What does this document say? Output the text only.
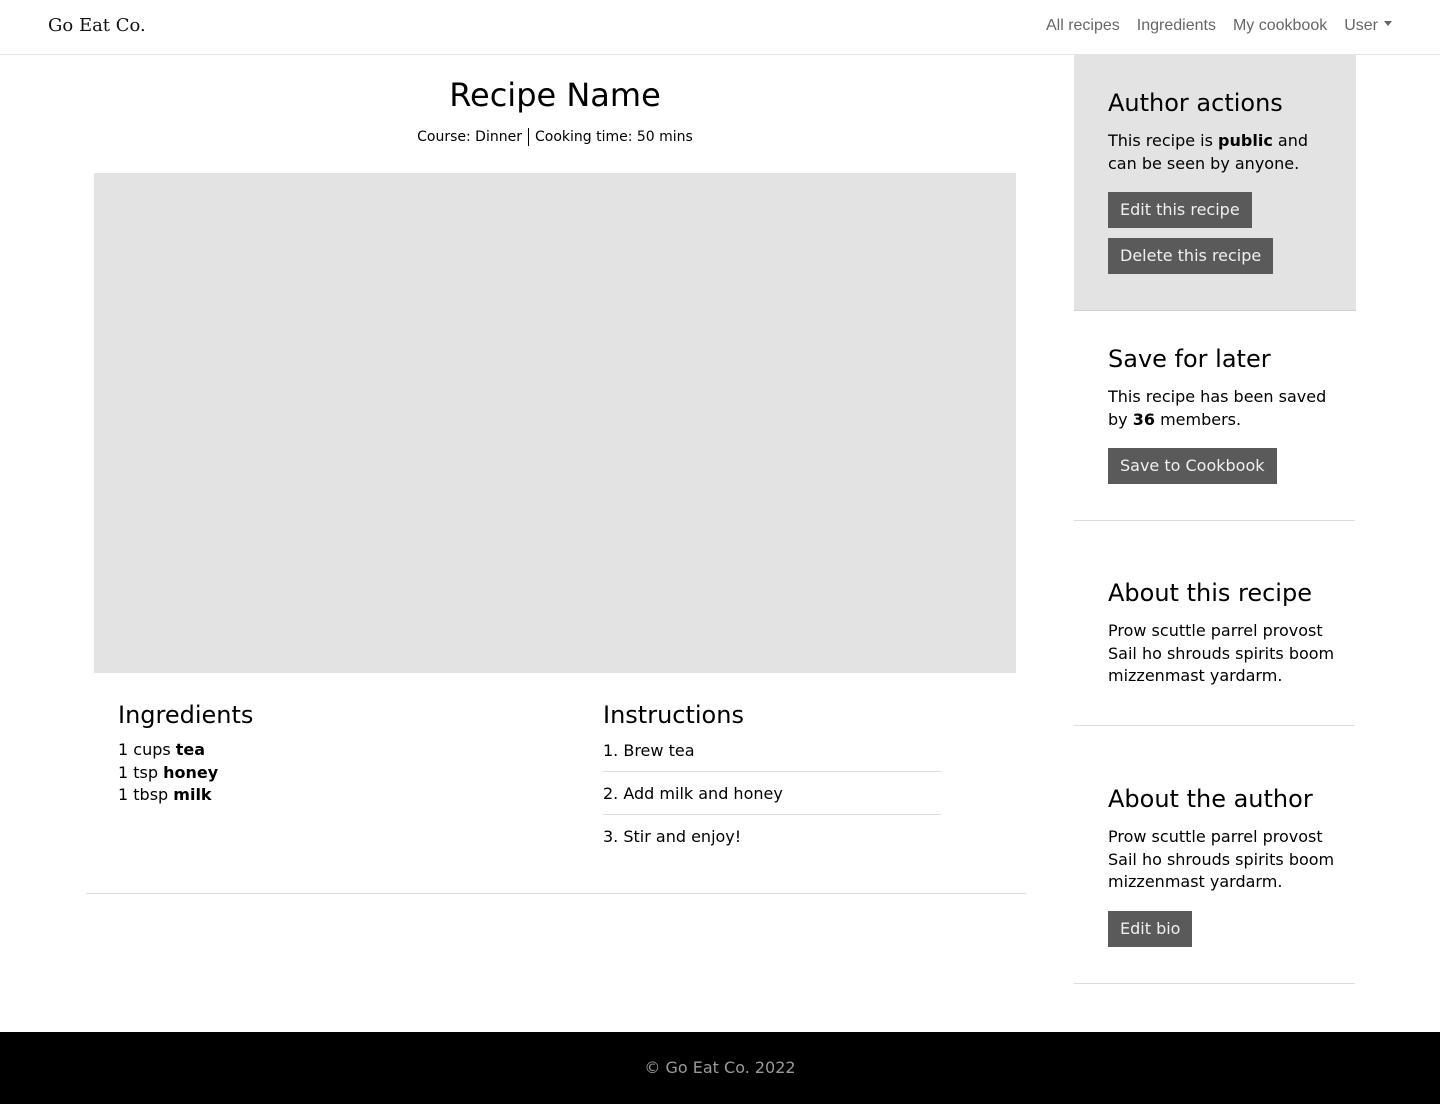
Go Eat Co.	All recipes Ingredients My cookbook User
Recipe Name
Course: Dinner Cooking time: 50 mins
Ingredients
1 cups tea
1 tsp honey
1 tbsp milk
Instructions
1. Brew tea
2. Add milk and honey
3. Stir and enjoy!
Author actions

This recipe is public and can be seen by anyone.

Edit this recipe
Delete this recipe
Save for later

This recipe has been saved by 36 members.

Save to Cookbook
About this recipe

Prow scuttle parrel provost Sail ho shrouds spirits boom mizzenmast yardarm.

About the author

Prow scuttle parrel provost Sail ho shrouds spirits boom mizzenmast yardarm.

Edit bio
© Go Eat Co. 2022
